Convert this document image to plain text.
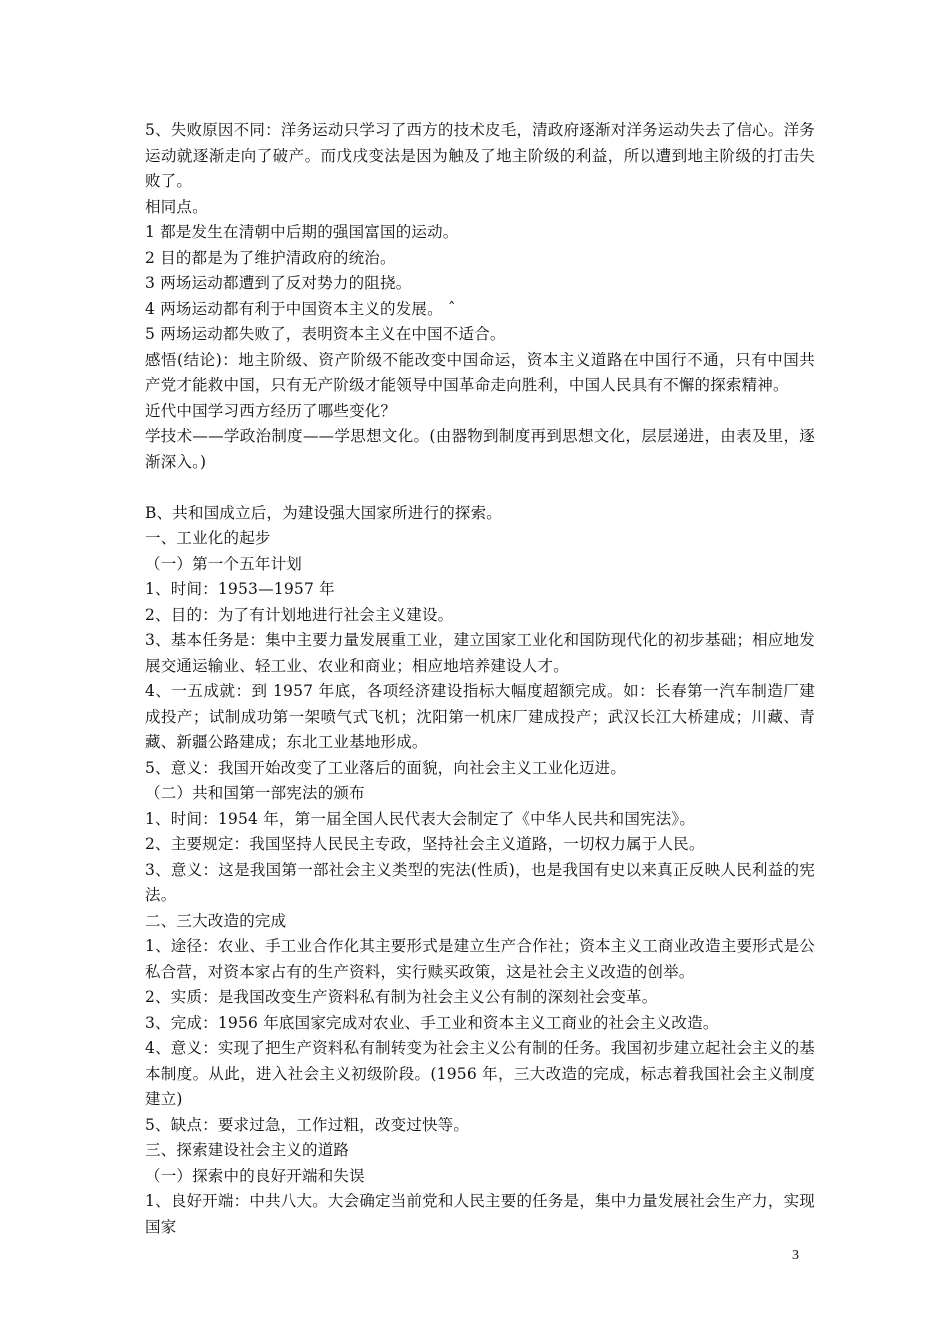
5、失败原因不同：洋务运动只学习了西方的技术皮毛，清政府逐渐对洋务运动失去了信心。洋务运动就逐渐走向了破产。而戊戌变法是因为触及了地主阶级的利益，所以遭到地主阶级的打击失败了。

相同点。

1 都是发生在清朝中后期的强国富国的运动。

2 目的都是为了维护清政府的统治。

3 两场运动都遭到了反对势力的阻挠。

4 两场运动都有利于中国资本主义的发展。 ˆ

5 两场运动都失败了，表明资本主义在中国不适合。

感悟(结论)：地主阶级、资产阶级不能改变中国命运，资本主义道路在中国行不通，只有中国共产党才能救中国，只有无产阶级才能领导中国革命走向胜利，中国人民具有不懈的探索精神。

近代中国学习西方经历了哪些变化？

学技术——学政治制度——学思想文化。(由器物到制度再到思想文化，层层递进，由表及里，逐渐深入。)

B、共和国成立后，为建设强大国家所进行的探索。

一、工业化的起步

（一）第一个五年计划

1、时间：1953—1957 年

2、目的：为了有计划地进行社会主义建设。

3、基本任务是：集中主要力量发展重工业，建立国家工业化和国防现代化的初步基础；相应地发展交通运输业、轻工业、农业和商业；相应地培养建设人才。

4、一五成就：到 1957 年底，各项经济建设指标大幅度超额完成。如：长春第一汽车制造厂建成投产；试制成功第一架喷气式飞机；沈阳第一机床厂建成投产；武汉长江大桥建成；川藏、青藏、新疆公路建成；东北工业基地形成。

5、意义：我国开始改变了工业落后的面貌，向社会主义工业化迈进。

（二）共和国第一部宪法的颁布

1、时间：1954 年，第一届全国人民代表大会制定了《中华人民共和国宪法》。

2、主要规定：我国坚持人民民主专政，坚持社会主义道路，一切权力属于人民。

3、意义：这是我国第一部社会主义类型的宪法(性质)，也是我国有史以来真正反映人民利益的宪法。

二、三大改造的完成

1、途径：农业、手工业合作化其主要形式是建立生产合作社；资本主义工商业改造主要形式是公私合营，对资本家占有的生产资料，实行赎买政策，这是社会主义改造的创举。

2、实质：是我国改变生产资料私有制为社会主义公有制的深刻社会变革。

3、完成：1956 年底国家完成对农业、手工业和资本主义工商业的社会主义改造。

4、意义：实现了把生产资料私有制转变为社会主义公有制的任务。我国初步建立起社会主义的基本制度。从此，进入社会主义初级阶段。(1956 年，三大改造的完成，标志着我国社会主义制度建立)

5、缺点：要求过急，工作过粗，改变过快等。

三、探索建设社会主义的道路

（一）探索中的良好开端和失误

1、良好开端：中共八大。大会确定当前党和人民主要的任务是，集中力量发展社会生产力，实现国家

3
